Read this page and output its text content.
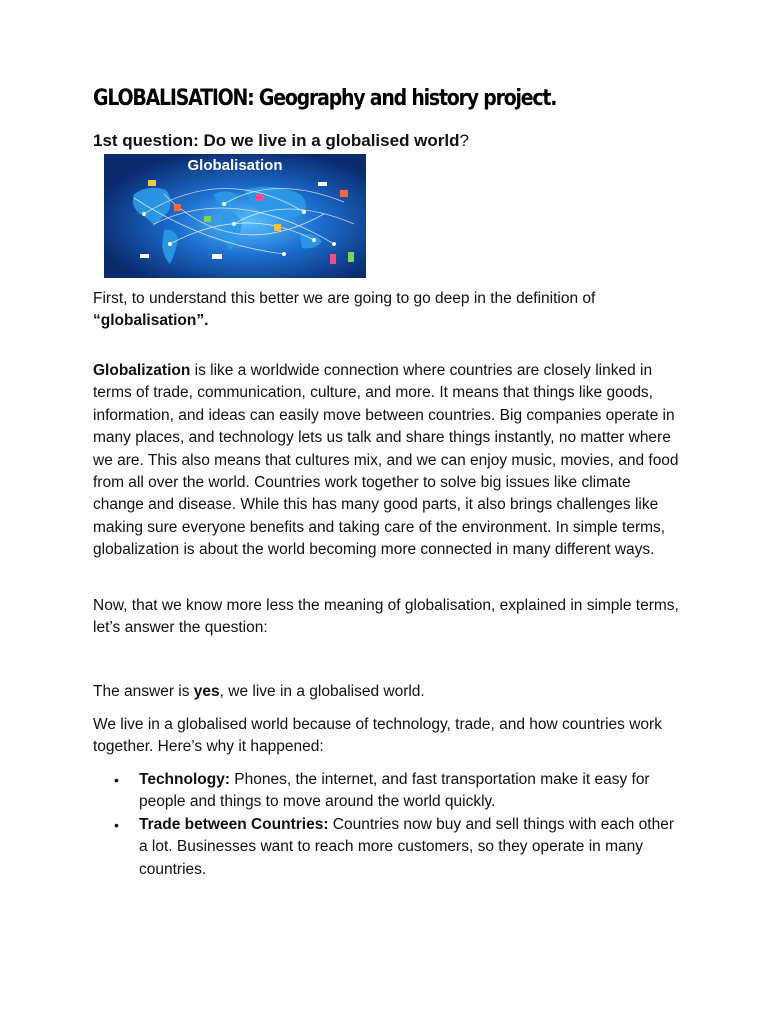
GLOBALISATION: Geography and history project.

1st question: Do we live in a globalised world?

Globalisation

First, to understand this better we are going to go deep in the definition of
“globalisation”.

Globalization is like a worldwide connection where countries are closely linked in terms of trade, communication, culture, and more. It means that things like goods, information, and ideas can easily move between countries. Big companies operate in many places, and technology lets us talk and share things instantly, no matter where we are. This also means that cultures mix, and we can enjoy music, movies, and food from all over the world. Countries work together to solve big issues like climate change and disease. While this has many good parts, it also brings challenges like making sure everyone benefits and taking care of the environment. In simple terms, globalization is about the world becoming more connected in many different ways.

Now, that we know more less the meaning of globalisation, explained in simple terms, let’s answer the question:

The answer is yes, we live in a globalised world.

We live in a globalised world because of technology, trade, and how countries work together. Here’s why it happened:

• Technology: Phones, the internet, and fast transportation make it easy for people and things to move around the world quickly.
• Trade between Countries: Countries now buy and sell things with each other a lot. Businesses want to reach more customers, so they operate in many countries.
